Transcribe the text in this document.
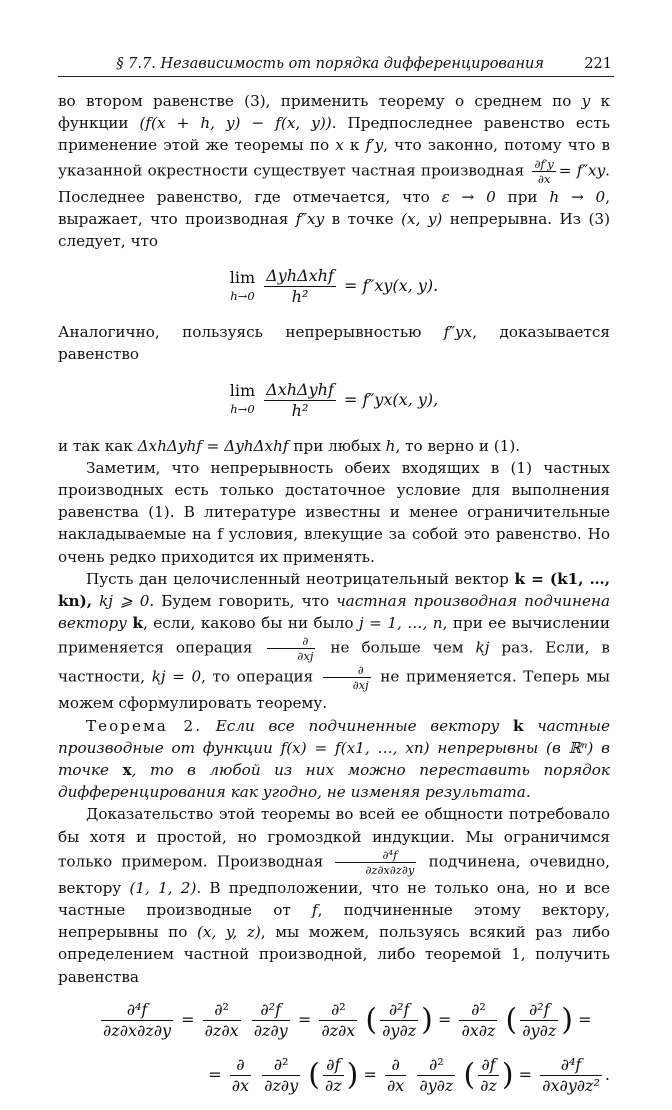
§ 7.7. Независимость от порядка дифференцирования	221

во втором равенстве (3), применить теорему о среднем по y к функции (f(x + h, y) − f(x, y)). Предпоследнее равенство есть применение этой же теоремы по x к f′y, что законно, потому что в указанной окрестности существует частная производная $\frac{\partial f'y}{\partial x} = f''xy$. Последнее равенство, где отмечается, что ε → 0 при h → 0, выражает, что производная f″xy в точке (x, y) непрерывна. Из (3) следует, что

lim
$h\to 0 \frac{\text{ΔyhΔxhf}}{\text{h²}} = f''xy(x$, y).

Аналогично, пользуясь непрерывностью f″yx, доказывается равенство

lim
$h\to 0 \frac{\text{ΔxhΔyhf}}{\text{h²}} = f''yx(x$, y),

и так как ΔxhΔyhf = ΔyhΔxhf при любых h, то верно и (1).

Заметим, что непрерывность обеих входящих в (1) частных производных есть только достаточное условие для выполнения равенства (1). В литературе известны и менее ограничительные накладываемые на f условия, влекущие за собой это равенство. Но очень редко приходится их применять.

Пусть дан целочисленный неотрицательный вектор k = (k1, …, kn), kj ⩾ 0. Будем говорить, что частная производная подчинена вектору k, если, каково бы ни было j = 1, …, n, при ее вычислении применяется операция $\frac{\partial}{\partial xj}$ не больше чем kj раз. Если, в частности, kj = 0, то операция $\frac{\partial}{\partial xj}$ не применяется. Теперь мы можем сформулировать теорему.

Теорема 2. Если все подчиненные вектору k частные производные от функции f(x) = f(x1, …, xn) непрерывны (в ℝⁿ) в точке x, то в любой из них можно переставить порядок дифференцирования как угодно, не изменяя результата.

Доказательство этой теоремы во всей ее общности потребовало бы хотя и простой, но громоздкой индукции. Мы ограничимся только примером. Производная $\frac{\text{∂⁴f}}{\partial z\partial x\partial z\partial y}$ подчинена, очевидно, вектору (1, 1, 2). В предположении, что не только она, но и все частные производные от f, подчиненные этому вектору, непрерывны по (x, y, z), мы можем, пользуясь всякий раз либо определением частной производной, либо теоремой 1, получить равенства

$\frac{\text{∂⁴f}}{\partial z\partial x\partial z\partial y} = \frac{\text{∂²}}{\partial z\partial x}$
$\frac{\text{∂²f}}{\partial z\partial y} = \frac{\text{∂²}}{\partial z\partial x}$ ( $\frac{\text{∂²f}}{\partial y\partial z}$ ) = $\frac{\text{∂²}}{\partial x\partial z}$ ( $\frac{\text{∂²f}}{\partial y\partial z}$ ) =
= $\frac{\partial}{\partial x}$
$\frac{\text{∂²}}{\partial z\partial y}$ ( $\frac{\partial f}{\partial z}$ ) = $\frac{\partial}{\partial x}$
$\frac{\text{∂²}}{\partial y\partial z}$ ( $\frac{\partial f}{\partial z}$ ) = $\frac{\text{∂⁴f}}{\text{∂x∂y∂z²}}$ .
